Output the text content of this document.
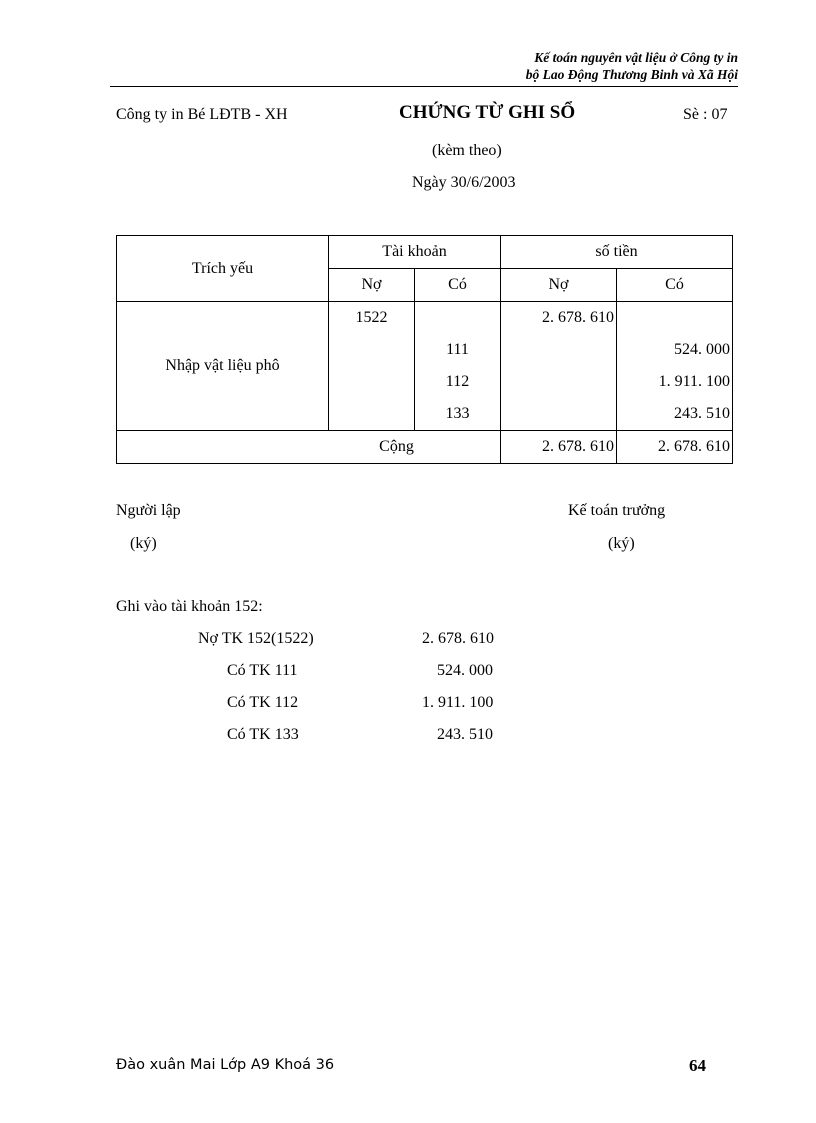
Kế toán nguyên vật liệu ở Công ty in
bộ Lao Động Thương Binh và Xã Hội
Công ty in Bé LĐTB - XH	CHỨNG TỪ GHI SỔ	Sè : 07
(kèm theo)
Ngày 30/6/2003
Trích yếu	Tài khoản		số tiền	
	Nợ	Có	Nợ	Có
Nhập vật liệu phô	1522		2. 678. 610	
		111		524. 000
		112		1. 911. 100
		133		243. 510
Cộng			2. 678. 610	2. 678. 610
Người lập
(ký)
Kế toán trưởng
(ký)
Ghi vào tài khoản 152:
Nợ TK 152(1522)	2. 678. 610
Có TK 111	524. 000
Có TK 112	1. 911. 100
Có TK 133	243. 510
Đào xuân Mai Lớp A9 Khoá 36	64
